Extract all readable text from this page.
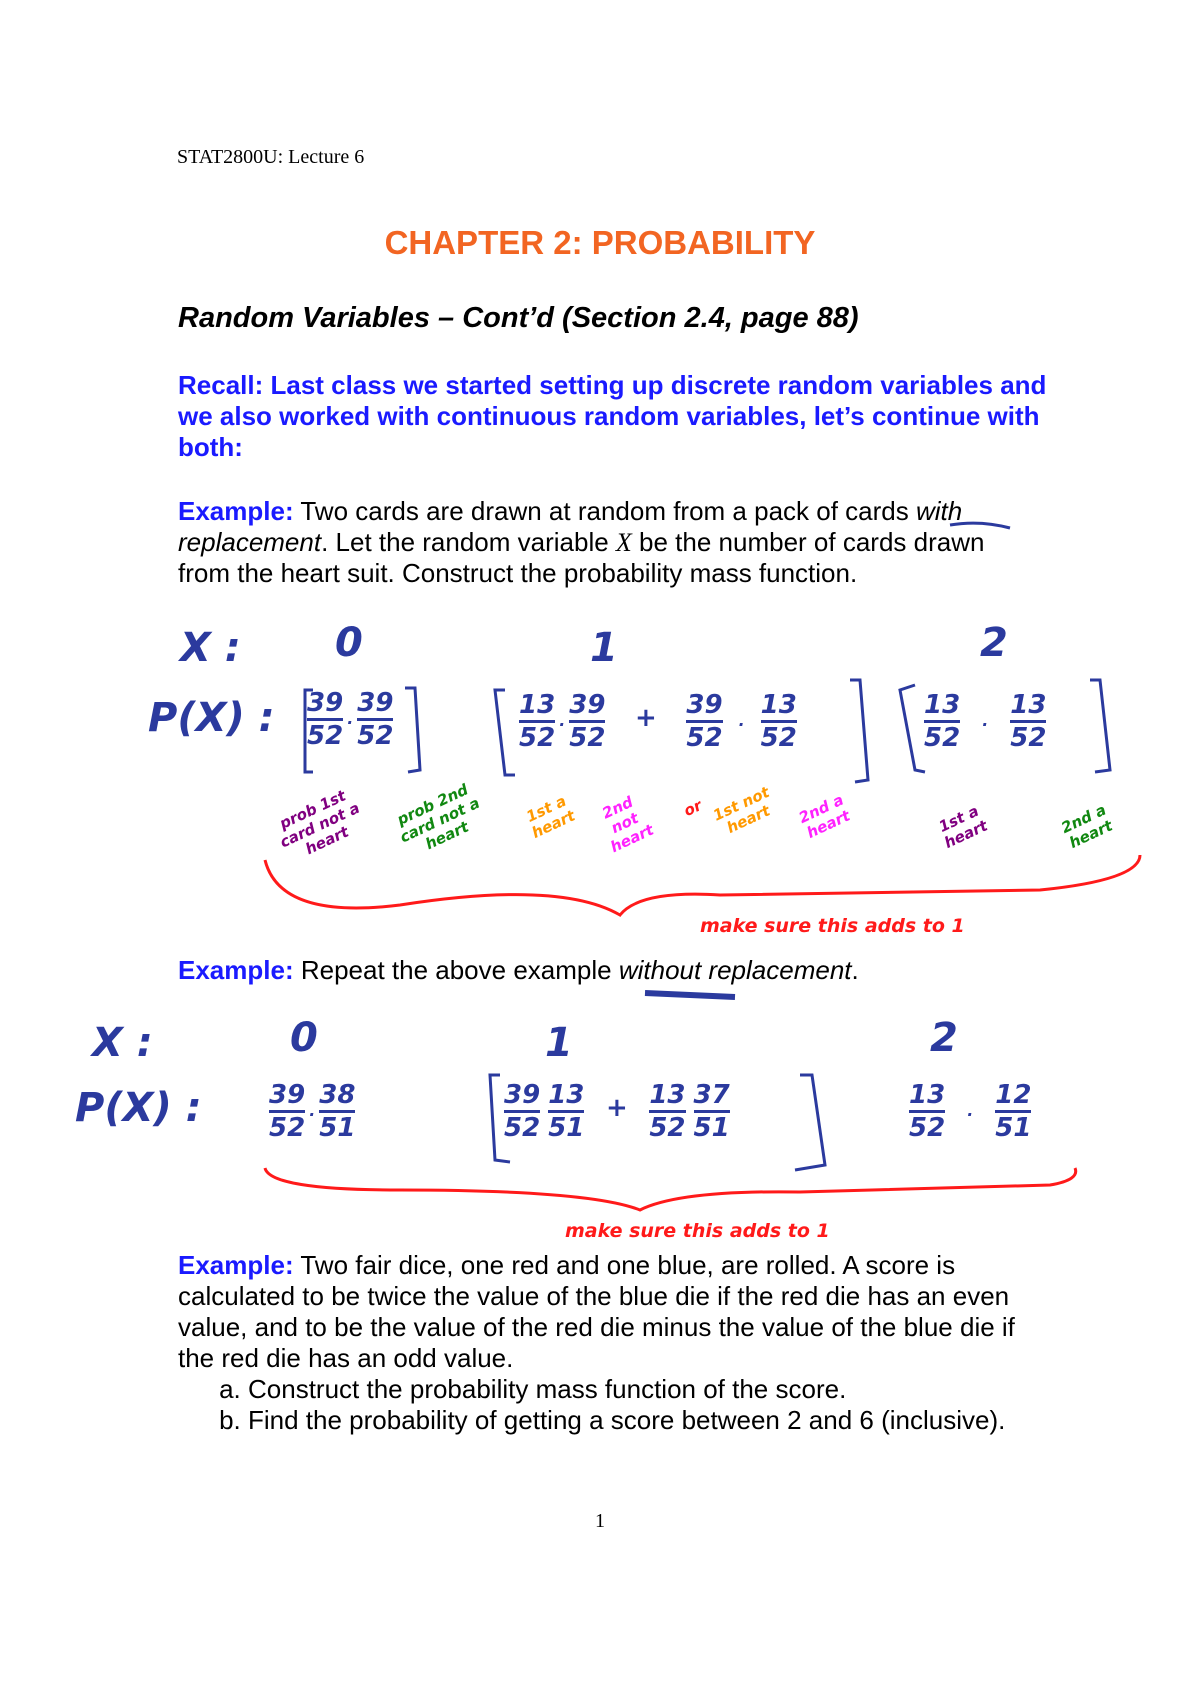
STAT2800U: Lecture 6
CHAPTER 2: PROBABILITY
Random Variables – Cont’d (Section 2.4, page 88)
Recall: Last class we started setting up discrete random variables and we also worked with continuous random variables, let’s continue with both:
Example: Two cards are drawn at random from a pack of cards with replacement. Let the random variable X be the number of cards drawn from the heart suit. Construct the probability mass function.
X : 0	1	2
P(X) : $\frac{39}{52}$ . $\frac{39}{52}$	$\frac{13}{52}$ . $\frac{39}{52} + \frac{39}{52}$ . $\frac{13}{52}$	$\frac{13}{52}$ . $\frac{13}{52}$
prob 1st card not a heart
prob 2nd card not a heart
1st a heart	2nd not heart
or 1st not heart	2nd a heart	1st a heart	2nd a heart
make sure this adds to 1
Example: Repeat the above example without replacement.
X :	0	1	2
P(X) :	$\frac{39}{52}$ . $\frac{38}{51}$	$\frac{39}{52} \frac{13}{51} + \frac{13}{52} \frac{37}{51}$	$\frac{13}{52}$ . $\frac{12}{51}$
make sure this adds to 1
Example: Two fair dice, one red and one blue, are rolled. A score is calculated to be twice the value of the blue die if the red die has an even value, and to be the value of the red die minus the value of the blue die if the red die has an odd value.
a. Construct the probability mass function of the score.
b. Find the probability of getting a score between 2 and 6 (inclusive).
1
